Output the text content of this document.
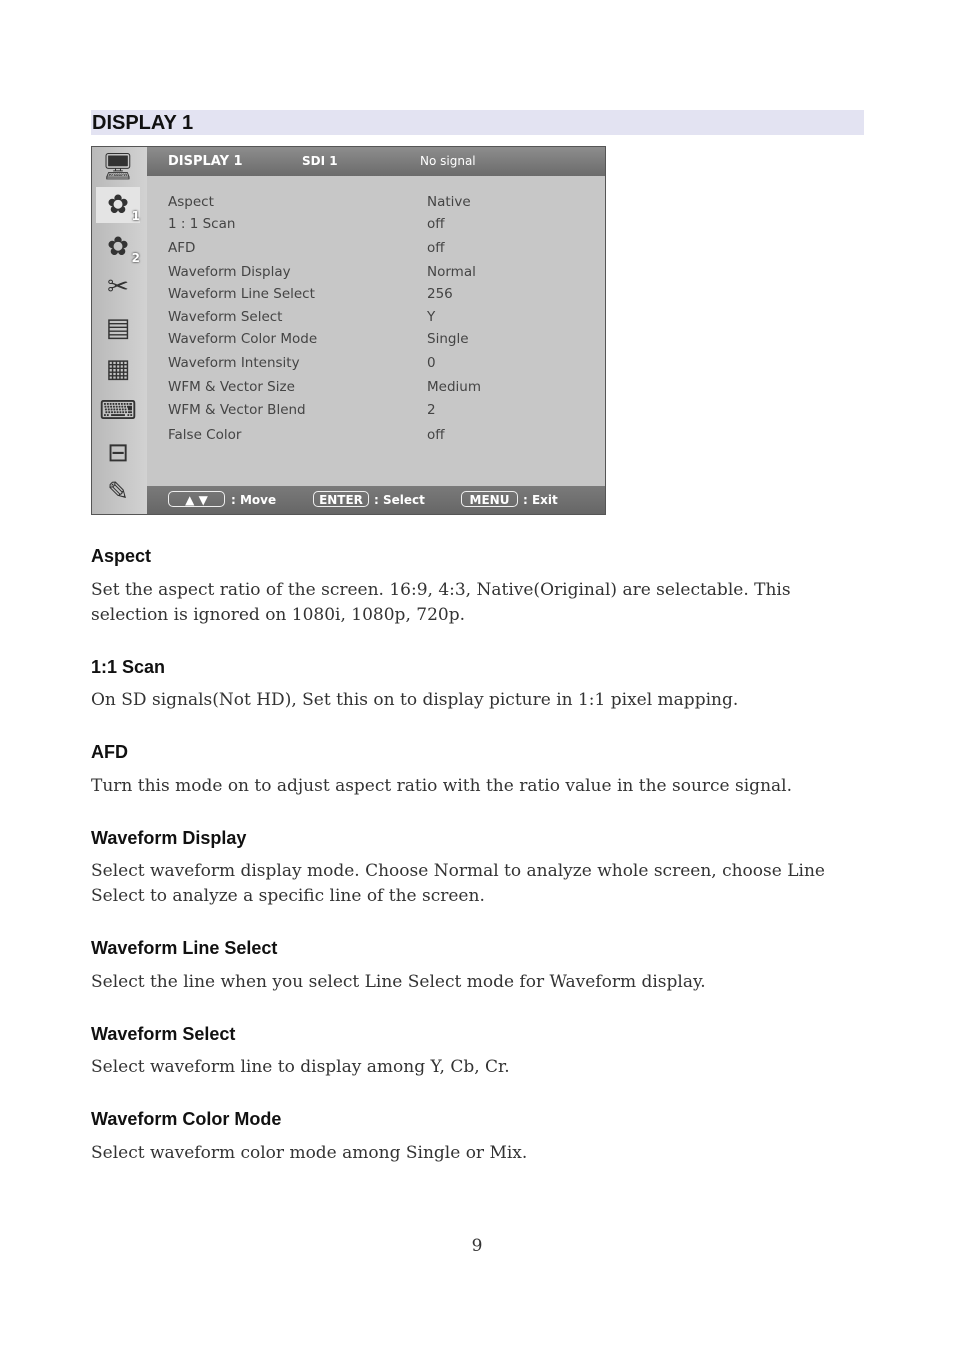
DISPLAY 1
🖥
✿ 1
✿ 2
✂
▤
▦
⌨
⊟
✎
DISPLAY 1	SDI 1	No signal
Aspect	Native
1 : 1 Scan	off
AFD	off
Waveform Display	Normal
Waveform Line Select	256
Waveform Select	Y
Waveform Color Mode	Single
Waveform Intensity	0
WFM & Vector Size	Medium
WFM & Vector Blend	2
False Color	off
▲ ▼	: Move	ENTER : Select	MENU	: Exit
Aspect
Set the aspect ratio of the screen. 16:9, 4:3, Native(Original) are selectable. This selection is ignored on 1080i, 1080p, 720p.
1:1 Scan
On SD signals(Not HD), Set this on to display picture in 1:1 pixel mapping.
AFD
Turn this mode on to adjust aspect ratio with the ratio value in the source signal.
Waveform Display
Select waveform display mode. Choose Normal to analyze whole screen, choose Line Select to analyze a specific line of the screen.
Waveform Line Select
Select the line when you select Line Select mode for Waveform display.
Waveform Select
Select waveform line to display among Y, Cb, Cr.
Waveform Color Mode
Select waveform color mode among Single or Mix.
9
